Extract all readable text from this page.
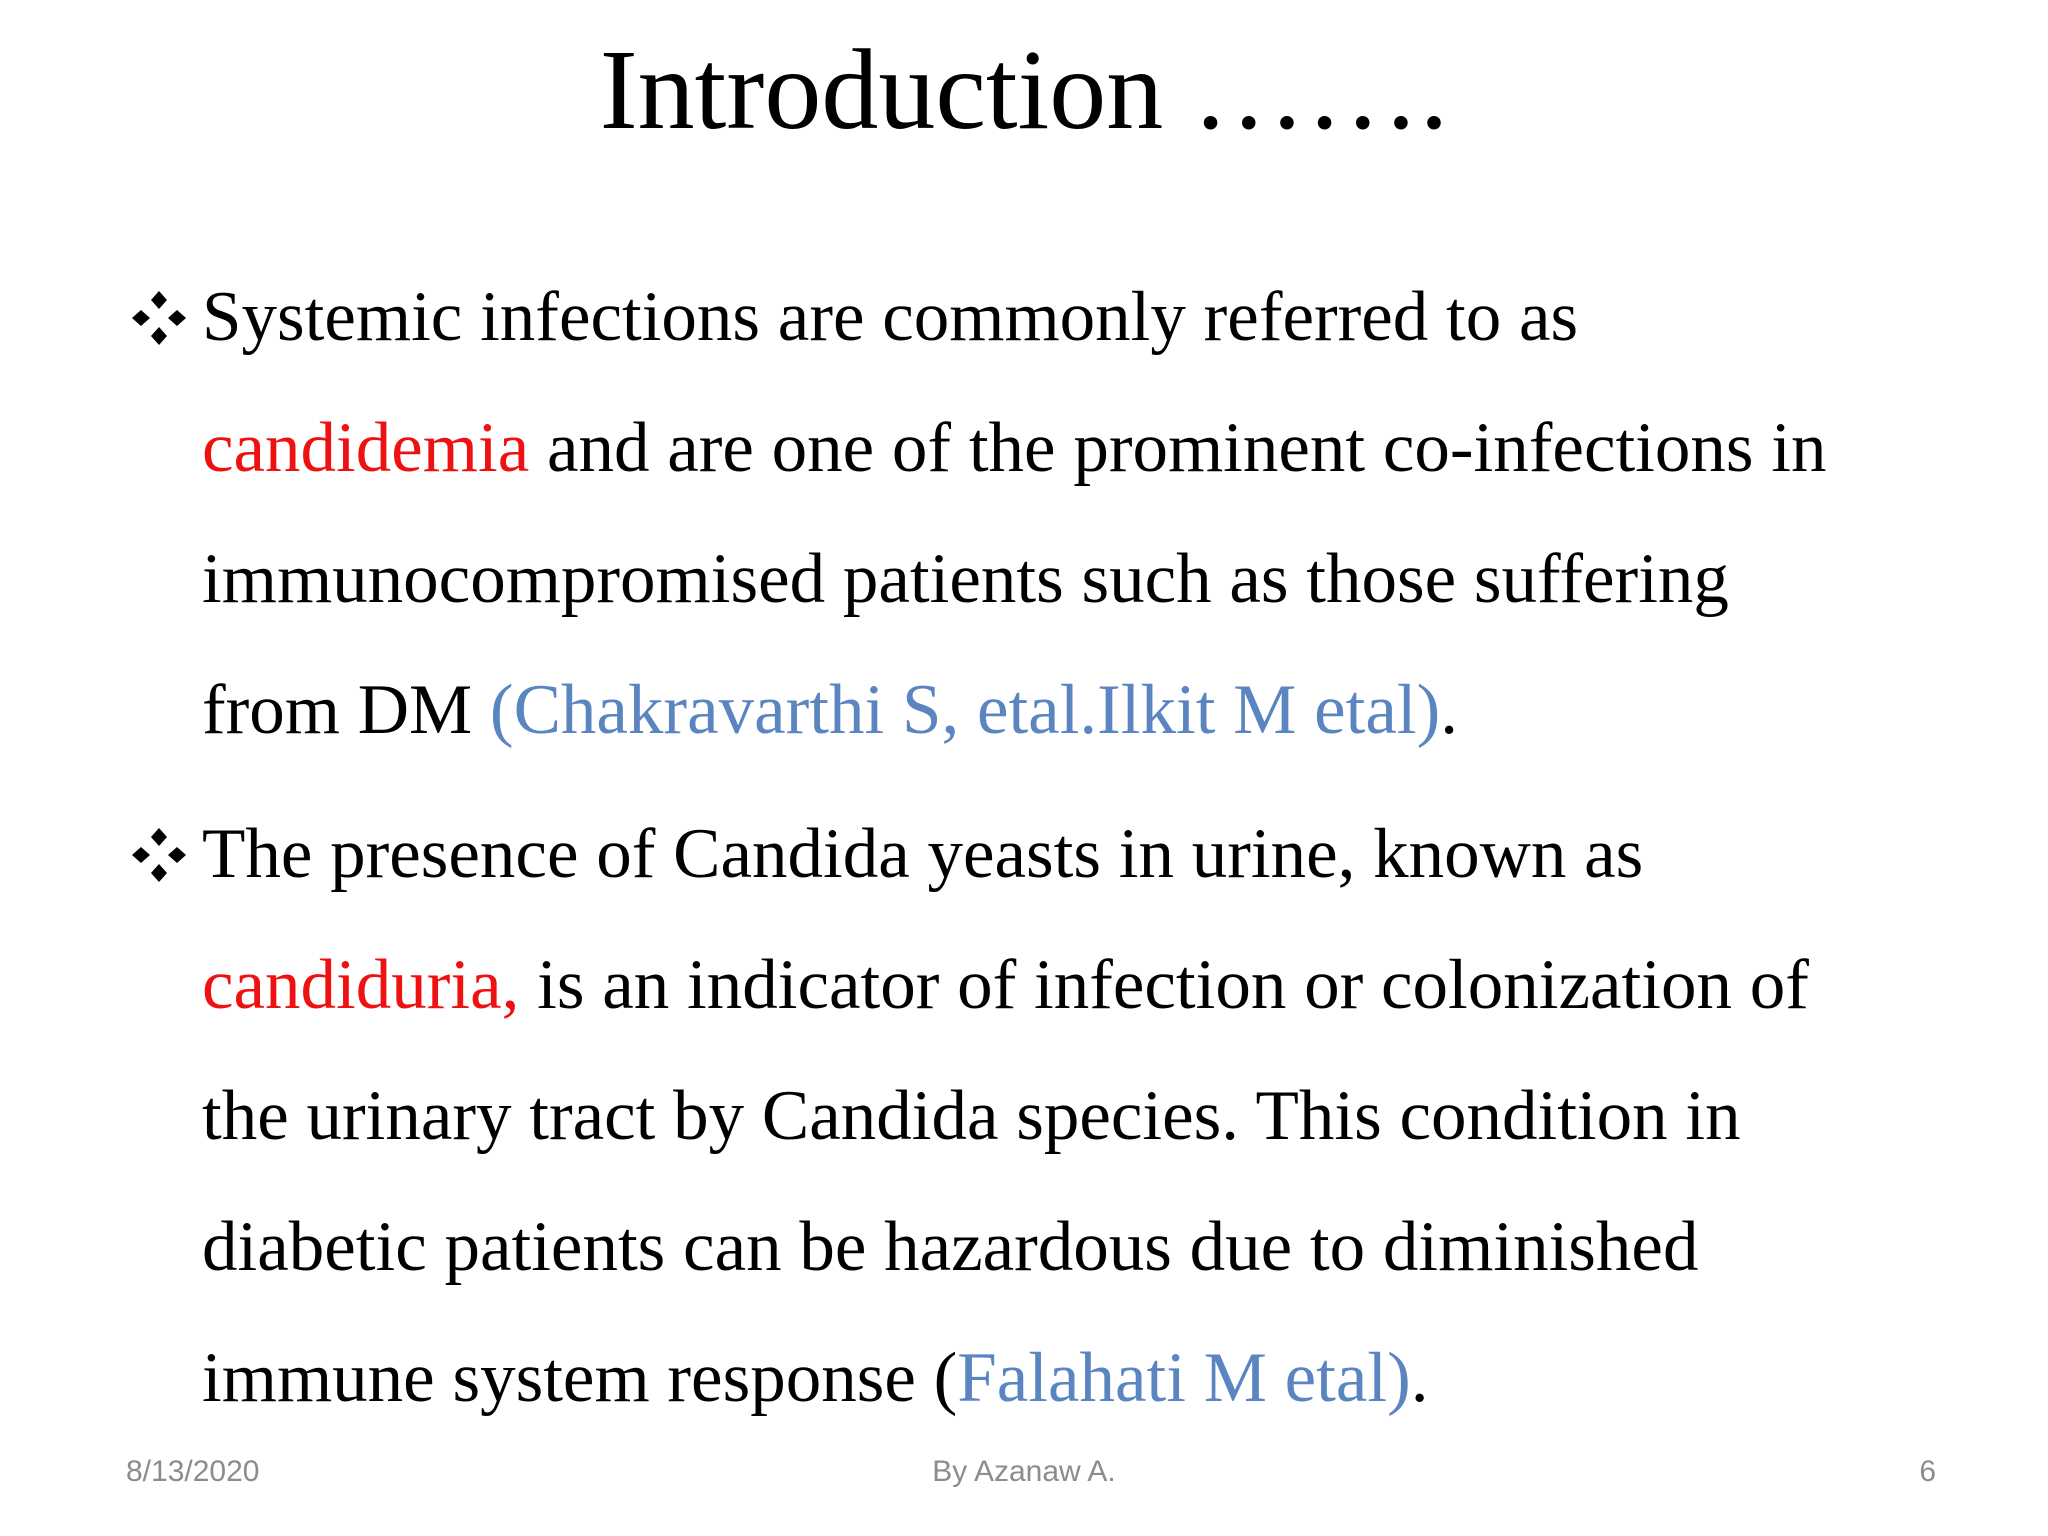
Introduction …….
Systemic infections are commonly referred to as
candidemia and are one of the prominent co-infections in
immunocompromised patients such as those suffering
from DM (Chakravarthi S, etal.Ilkit M etal).
The presence of Candida yeasts in urine, known as
candiduria, is an indicator of infection or colonization of
the urinary tract by Candida species. This condition in
diabetic patients can be hazardous due to diminished
immune system response (Falahati M etal).
8/13/2020	By Azanaw A.	6
